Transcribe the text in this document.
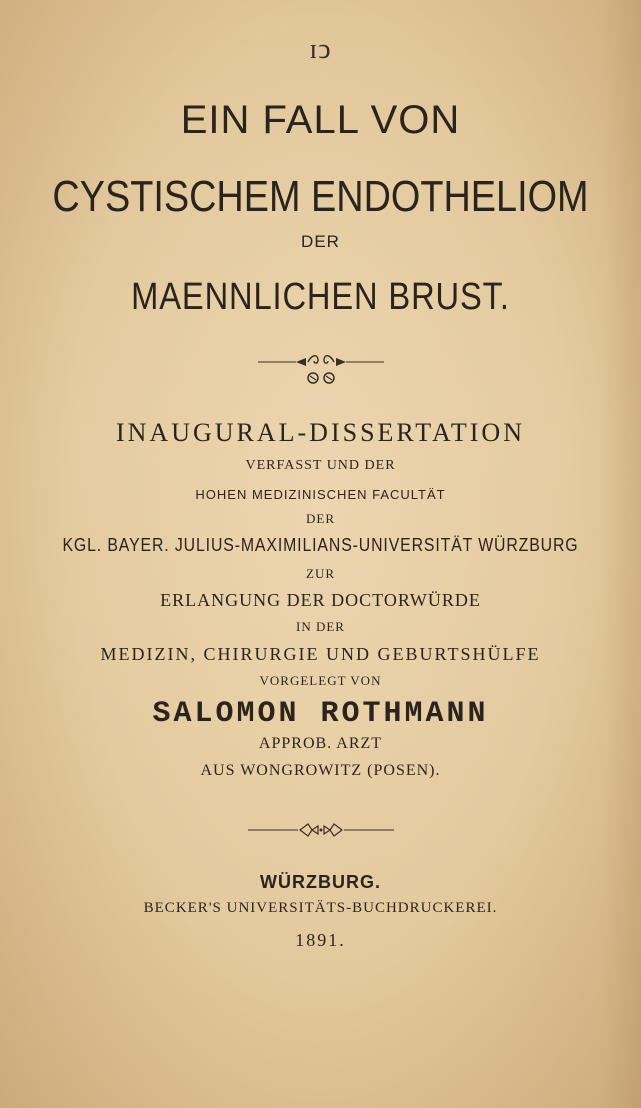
ɪↄ
EIN FALL VON
CYSTISCHEM ENDOTHELIOM
DER
MAENNLICHEN BRUST.
INAUGURAL-DISSERTATION
VERFASST UND DER
HOHEN MEDIZINISCHEN FACULTÄT
DER
KGL. BAYER. JULIUS-MAXIMILIANS-UNIVERSITÄT WÜRZBURG
ZUR
ERLANGUNG DER DOCTORWÜRDE
IN DER
MEDIZIN, CHIRURGIE UND GEBURTSHÜLFE
VORGELEGT VON
SALOMON ROTHMANN
APPROB. ARZT
AUS WONGROWITZ (POSEN).
WÜRZBURG.
BECKER'S UNIVERSITÄTS-BUCHDRUCKEREI.
1891.
